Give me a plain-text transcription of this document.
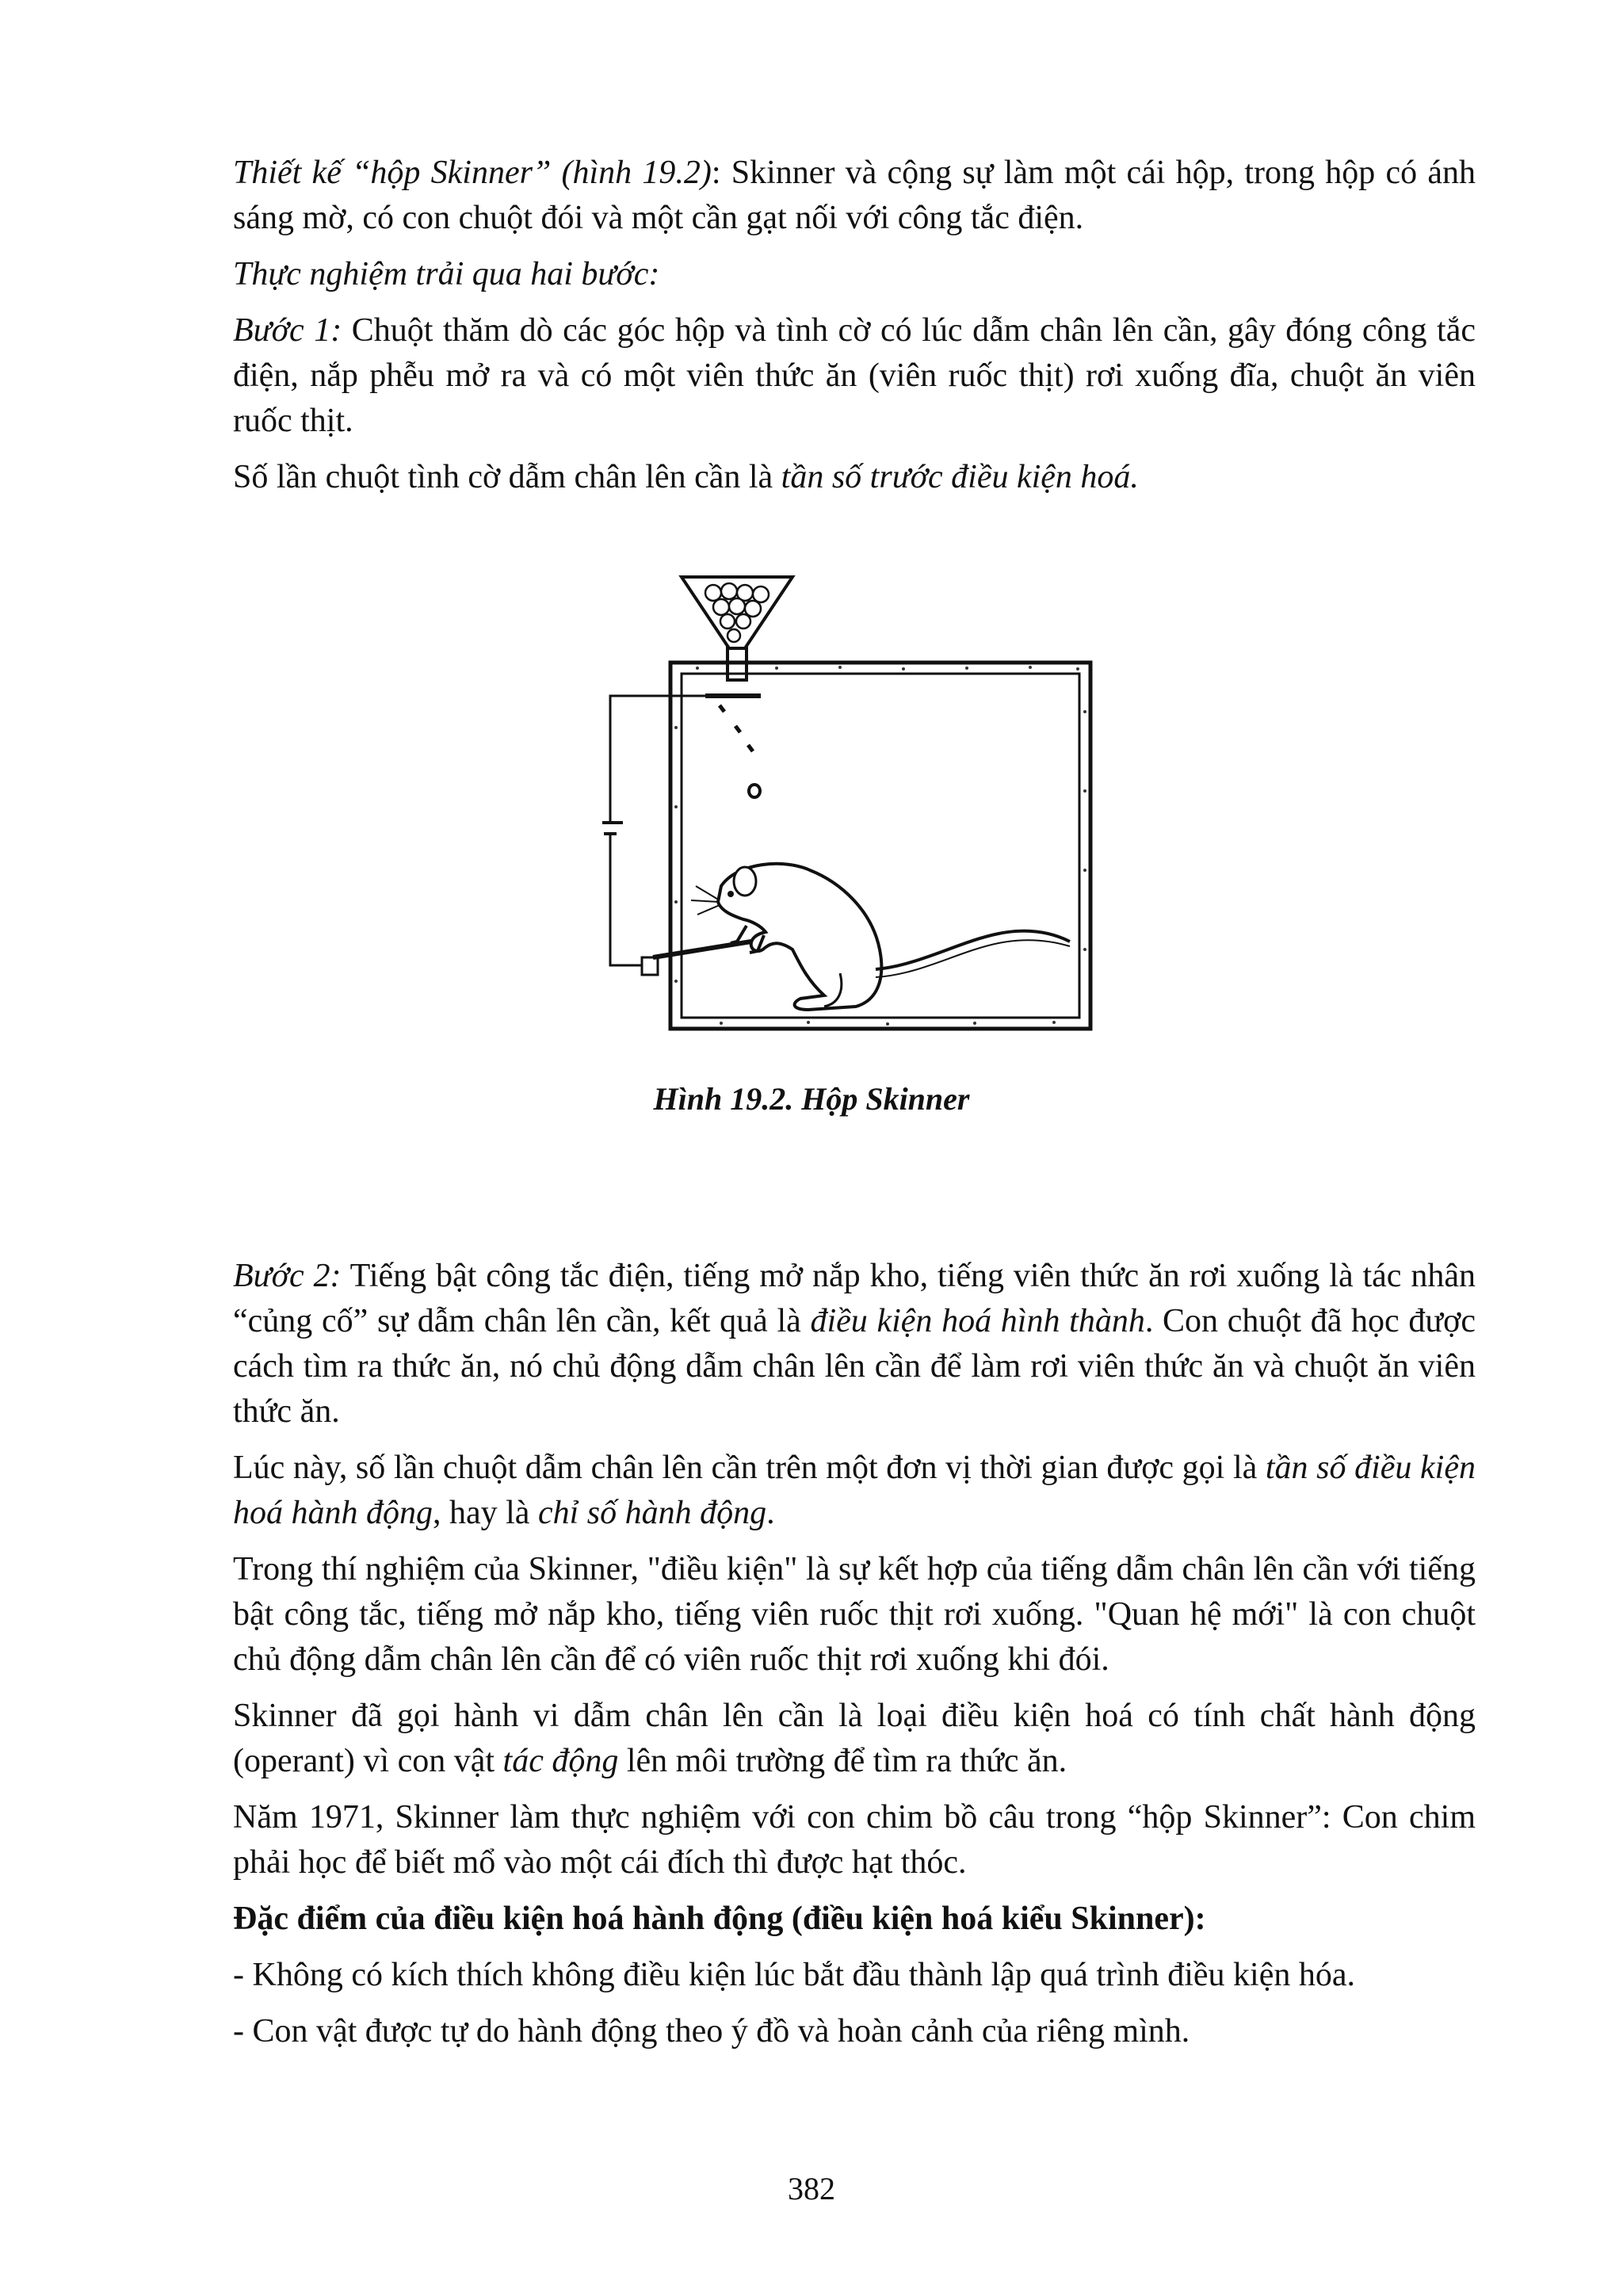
Thiết kế “hộp Skinner” (hình 19.2): Skinner và cộng sự làm một cái hộp, trong hộp có ánh sáng mờ, có con chuột đói và một cần gạt nối với công tắc điện.

Thực nghiệm trải qua hai bước:

Bước 1: Chuột thăm dò các góc hộp và tình cờ có lúc dẫm chân lên cần, gây đóng công tắc điện, nắp phễu mở ra và có một viên thức ăn (viên ruốc thịt) rơi xuống đĩa, chuột ăn viên ruốc thịt.

Số lần chuột tình cờ dẫm chân lên cần là tần số trước điều kiện hoá.

Hình 19.2. Hộp Skinner

Bước 2: Tiếng bật công tắc điện, tiếng mở nắp kho, tiếng viên thức ăn rơi xuống là tác nhân “củng cố” sự dẫm chân lên cần, kết quả là điều kiện hoá hình thành. Con chuột đã học được cách tìm ra thức ăn, nó chủ động dẫm chân lên cần để làm rơi viên thức ăn và chuột ăn viên thức ăn.

Lúc này, số lần chuột dẫm chân lên cần trên một đơn vị thời gian được gọi là tần số điều kiện hoá hành động, hay là chỉ số hành động.

Trong thí nghiệm của Skinner, "điều kiện" là sự kết hợp của tiếng dẫm chân lên cần với tiếng bật công tắc, tiếng mở nắp kho, tiếng viên ruốc thịt rơi xuống. "Quan hệ mới" là con chuột chủ động dẫm chân lên cần để có viên ruốc thịt rơi xuống khi đói.

Skinner đã gọi hành vi dẫm chân lên cần là loại điều kiện hoá có tính chất hành động (operant) vì con vật tác động lên môi trường để tìm ra thức ăn.

Năm 1971, Skinner làm thực nghiệm với con chim bồ câu trong “hộp Skinner”: Con chim phải học để biết mổ vào một cái đích thì được hạt thóc.

Đặc điểm của điều kiện hoá hành động (điều kiện hoá kiểu Skinner):

- Không có kích thích không điều kiện lúc bắt đầu thành lập quá trình điều kiện hóa.

- Con vật được tự do hành động theo ý đồ và hoàn cảnh của riêng mình.

382
